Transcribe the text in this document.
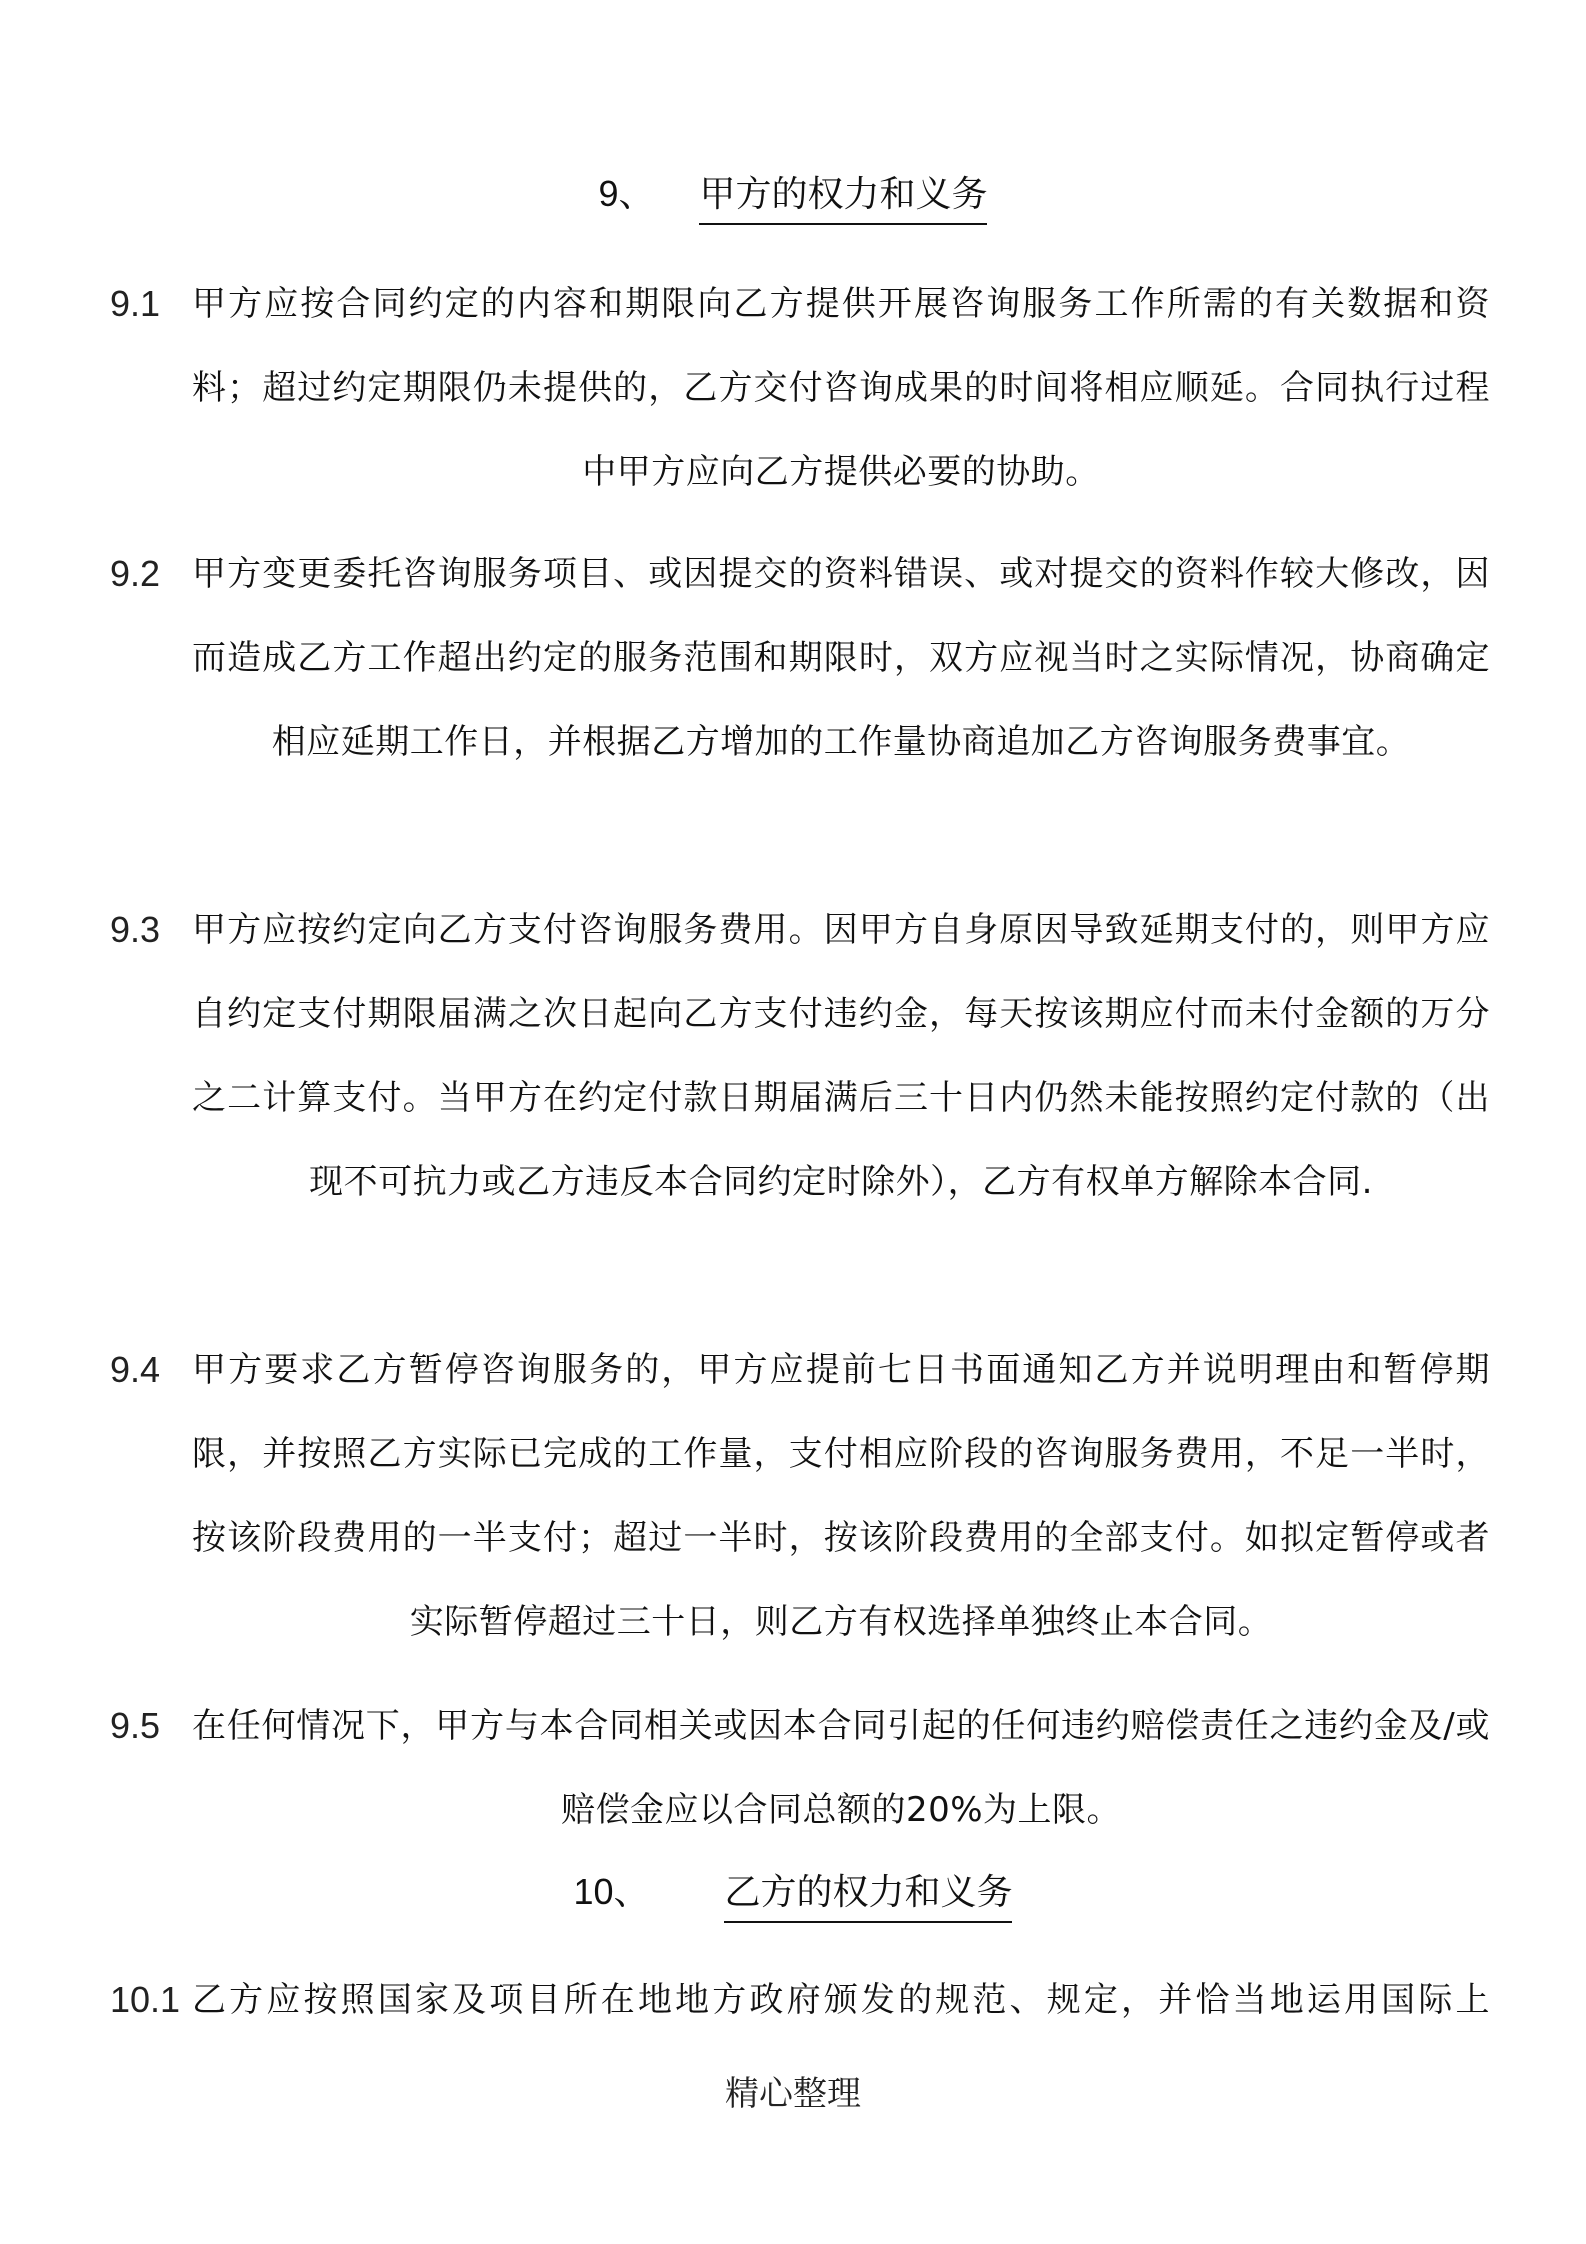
9、 甲方的权力和义务
9.1 甲方应按合同约定的内容和期限向乙方提供开展咨询服务工作所需的有关数据和资料；超过约定期限仍未提供的，乙方交付咨询成果的时间将相应顺延。合同执行过程中甲方应向乙方提供必要的协助。
9.2 甲方变更委托咨询服务项目、或因提交的资料错误、或对提交的资料作较大修改，因而造成乙方工作超出约定的服务范围和期限时，双方应视当时之实际情况，协商确定相应延期工作日，并根据乙方增加的工作量协商追加乙方咨询服务费事宜。
9.3 甲方应按约定向乙方支付咨询服务费用。因甲方自身原因导致延期支付的，则甲方应自约定支付期限届满之次日起向乙方支付违约金，每天按该期应付而未付金额的万分之二计算支付。当甲方在约定付款日期届满后三十日内仍然未能按照约定付款的（出现不可抗力或乙方违反本合同约定时除外），乙方有权单方解除本合同.
9.4 甲方要求乙方暂停咨询服务的，甲方应提前七日书面通知乙方并说明理由和暂停期限，并按照乙方实际已完成的工作量，支付相应阶段的咨询服务费用，不足一半时，按该阶段费用的一半支付；超过一半时，按该阶段费用的全部支付。如拟定暂停或者实际暂停超过三十日，则乙方有权选择单独终止本合同。
9.5 在任何情况下，甲方与本合同相关或因本合同引起的任何违约赔偿责任之违约金及/或赔偿金应以合同总额的20%为上限。
10、 乙方的权力和义务
10.1 乙方应按照国家及项目所在地地方政府颁发的规范、规定，并恰当地运用国际上
精心整理
